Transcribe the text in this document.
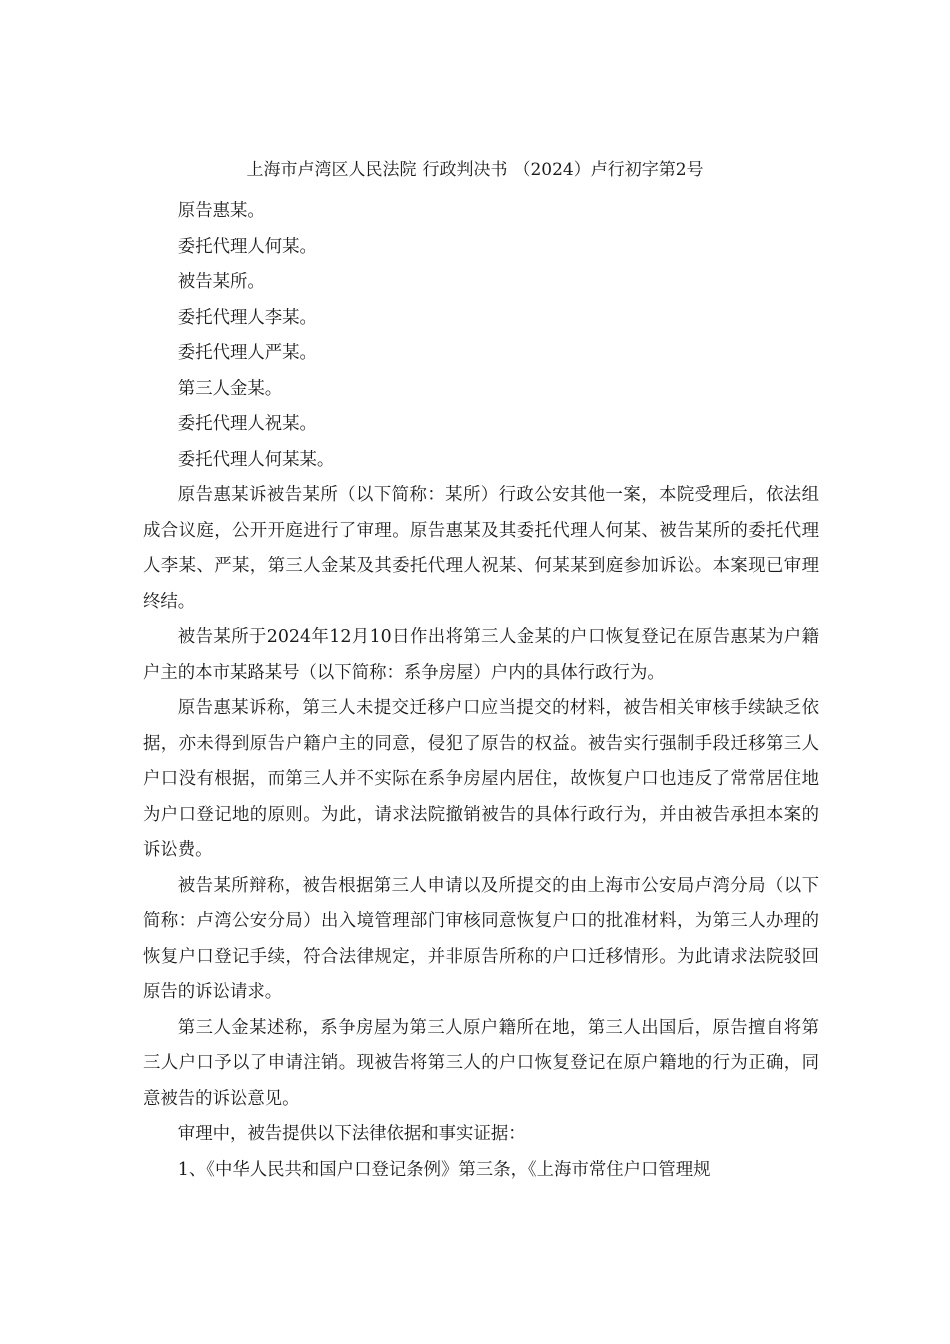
上海市卢湾区人民法院 行政判决书 （2024）卢行初字第2号

原告惠某。

委托代理人何某。

被告某所。

委托代理人李某。

委托代理人严某。

第三人金某。

委托代理人祝某。

委托代理人何某某。

原告惠某诉被告某所（以下简称：某所）行政公安其他一案，本院受理后，依法组成合议庭，公开开庭进行了审理。原告惠某及其委托代理人何某、被告某所的委托代理人李某、严某，第三人金某及其委托代理人祝某、何某某到庭参加诉讼。本案现已审理终结。

被告某所于2024年12月10日作出将第三人金某的户口恢复登记在原告惠某为户籍户主的本市某路某号（以下简称：系争房屋）户内的具体行政行为。

原告惠某诉称，第三人未提交迁移户口应当提交的材料，被告相关审核手续缺乏依据，亦未得到原告户籍户主的同意，侵犯了原告的权益。被告实行强制手段迁移第三人户口没有根据，而第三人并不实际在系争房屋内居住，故恢复户口也违反了常常居住地为户口登记地的原则。为此，请求法院撤销被告的具体行政行为，并由被告承担本案的诉讼费。

被告某所辩称，被告根据第三人申请以及所提交的由上海市公安局卢湾分局（以下简称：卢湾公安分局）出入境管理部门审核同意恢复户口的批准材料，为第三人办理的恢复户口登记手续，符合法律规定，并非原告所称的户口迁移情形。为此请求法院驳回原告的诉讼请求。

第三人金某述称，系争房屋为第三人原户籍所在地，第三人出国后，原告擅自将第三人户口予以了申请注销。现被告将第三人的户口恢复登记在原户籍地的行为正确，同意被告的诉讼意见。

审理中，被告提供以下法律依据和事实证据：

1、《中华人民共和国户口登记条例》第三条，《上海市常住户口管理规
